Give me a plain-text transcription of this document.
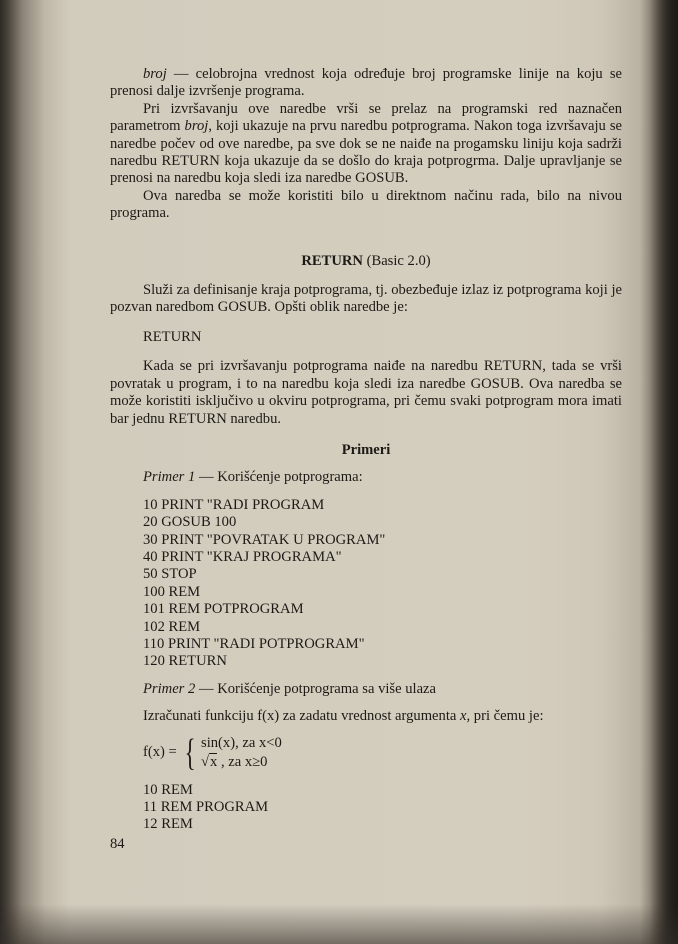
broj — celobrojna vrednost koja određuje broj programske linije na koju se prenosi dalje izvršenje programa.

Pri izvršavanju ove naredbe vrši se prelaz na programski red naznačen parametrom broj, koji ukazuje na prvu naredbu potprograma. Nakon toga izvršavaju se naredbe počev od ove naredbe, pa sve dok se ne naiđe na progamsku liniju koja sadrži naredbu RETURN koja ukazuje da se došlo do kraja potprogrma. Dalje upravljanje se prenosi na naredbu koja sledi iza naredbe GOSUB.

Ova naredba se može koristiti bilo u direktnom načinu rada, bilo na nivou programa.

RETURN (Basic 2.0)

Služi za definisanje kraja potprograma, tj. obezbeđuje izlaz iz potprograma koji je pozvan naredbom GOSUB. Opšti oblik naredbe je:

RETURN

Kada se pri izvršavanju potprograma naiđe na naredbu RETURN, tada se vrši povratak u program, i to na naredbu koja sledi iza naredbe GOSUB. Ova naredba se može koristiti isključivo u okviru potprograma, pri čemu svaki potprogram mora imati bar jednu RETURN naredbu.

Primeri
Primer 1 — Korišćenje potprograma:
10 PRINT "RADI PROGRAM
20 GOSUB 100
30 PRINT "POVRATAK U PROGRAM"
40 PRINT "KRAJ PROGRAMA"
50 STOP
100 REM
101 REM POTPROGRAM
102 REM
110 PRINT "RADI POTPROGRAM"
120 RETURN
Primer 2 — Korišćenje potprograma sa više ulaza

Izračunati funkciju f(x) za zadatu vrednost argumenta x, pri čemu je:

f(x) = { sin(x), za x<0
√x , za x≥0
10 REM
11 REM PROGRAM
12 REM
84
